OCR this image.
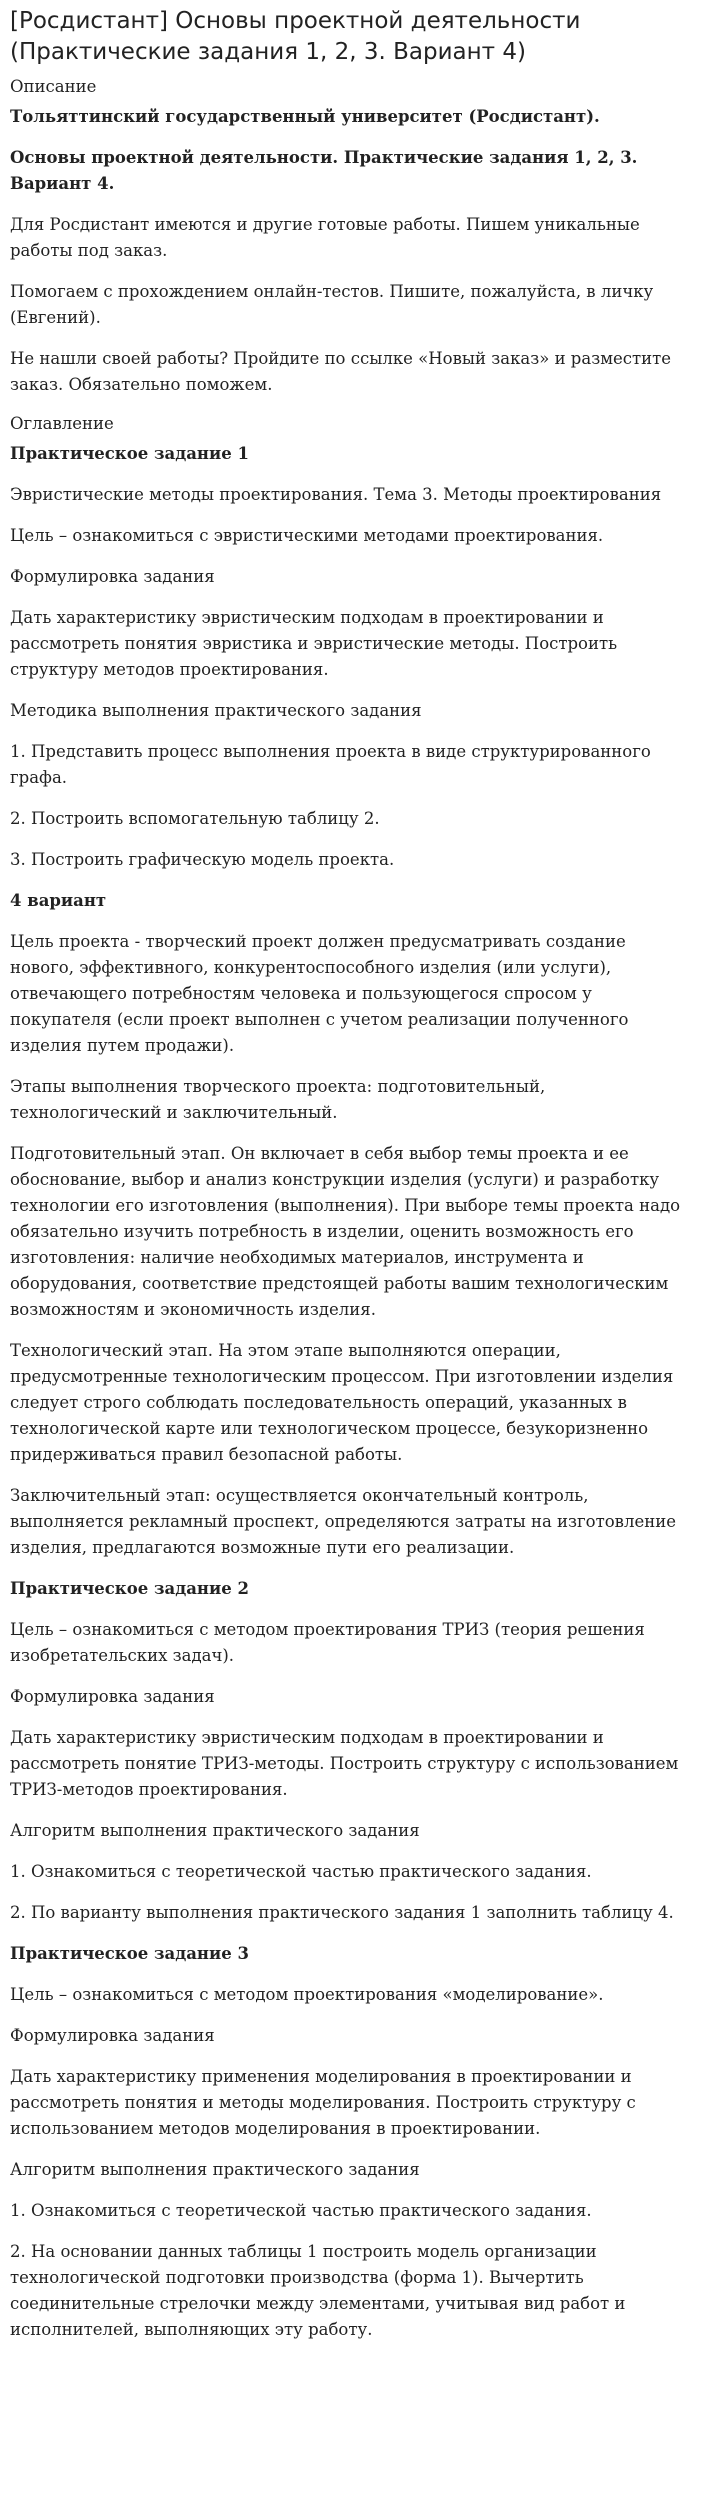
[Росдистант] Основы проектной деятельности (Практические задания 1, 2, 3. Вариант 4)
Описание

Тольяттинский государственный университет (Росдистант).

Основы проектной деятельности. Практические задания 1, 2, 3. Вариант 4.

Для Росдистант имеются и другие готовые работы. Пишем уникальные работы под заказ.

Помогаем с прохождением онлайн-тестов. Пишите, пожалуйста, в личку (Евгений).

Не нашли своей работы? Пройдите по ссылке «Новый заказ» и разместите заказ. Обязательно поможем.

Оглавление

Практическое задание 1

Эвристические методы проектирования. Тема 3. Методы проектирования

Цель – ознакомиться с эвристическими методами проектирования.

Формулировка задания

Дать характеристику эвристическим подходам в проектировании и рассмотреть понятия эвристика и эвристические методы. Построить структуру методов проектирования.

Методика выполнения практического задания

1. Представить процесс выполнения проекта в виде структурированного графа.

2. Построить вспомогательную таблицу 2.

3. Построить графическую модель проекта.

4 вариант

Цель проекта - творческий проект должен предусматривать создание нового, эффективного, конкурентоспособного изделия (или услуги), отвечающего потребностям человека и пользующегося спросом у покупателя (если проект выполнен с учетом реализации полученного изделия путем продажи).

Этапы выполнения творческого проекта: подготовительный, технологический и заключительный.

Подготовительный этап. Он включает в себя выбор темы проекта и ее обоснование, выбор и анализ конструкции изделия (услуги) и разработку технологии его изготовления (выполнения). При выборе темы проекта надо обязательно изучить потребность в изделии, оценить возможность его изготовления: наличие необходимых материалов, инструмента и оборудования, соответствие предстоящей работы вашим технологическим возможностям и экономичность изделия.

Технологический этап. На этом этапе выполняются операции, предусмотренные технологическим процессом. При изготовлении изделия следует строго соблюдать последовательность операций, указанных в технологической карте или технологическом процессе, безукоризненно придерживаться правил безопасной работы.

Заключительный этап: осуществляется окончательный контроль, выполняется рекламный проспект, определяются затраты на изготовление изделия, предлагаются возможные пути его реализации.

Практическое задание 2

Цель – ознакомиться с методом проектирования ТРИЗ (теория решения изобретательских задач).

Формулировка задания

Дать характеристику эвристическим подходам в проектировании и рассмотреть понятие ТРИЗ-методы. Построить структуру с использованием ТРИЗ-методов проектирования.

Алгоритм выполнения практического задания

1. Ознакомиться с теоретической частью практического задания.

2. По варианту выполнения практического задания 1 заполнить таблицу 4.

Практическое задание 3

Цель – ознакомиться с методом проектирования «моделирование».

Формулировка задания

Дать характеристику применения моделирования в проектировании и рассмотреть понятия и методы моделирования. Построить структуру с использованием методов моделирования в проектировании.

Алгоритм выполнения практического задания

1. Ознакомиться с теоретической частью практического задания.

2. На основании данных таблицы 1 построить модель организации технологической подготовки производства (форма 1). Вычертить соединительные стрелочки между элементами, учитывая вид работ и исполнителей, выполняющих эту работу.
